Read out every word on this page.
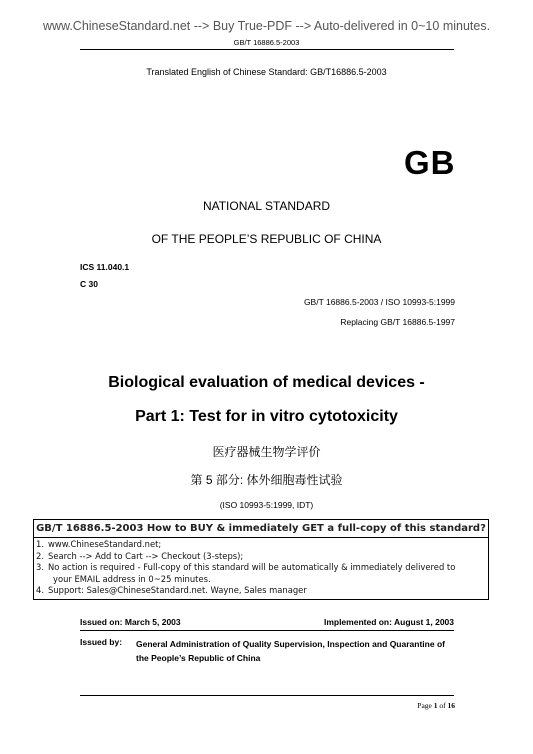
www.ChineseStandard.net --> Buy True-PDF --> Auto-delivered in 0~10 minutes.
GB/T 16886.5-2003
Translated English of Chinese Standard: GB/T16886.5-2003
GB
NATIONAL STANDARD
OF THE PEOPLE’S REPUBLIC OF CHINA
ICS 11.040.1
C 30
GB/T 16886.5-2003 / ISO 10993-5:1999
Replacing GB/T 16886.5-1997
Biological evaluation of medical devices -
Part 1: Test for in vitro cytotoxicity
医疗器械生物学评价
第 5 部分: 体外细胞毒性试验
(ISO 10993-5:1999, IDT)
GB/T 16886.5-2003 How to BUY & immediately GET a full-copy of this standard?
1. www.ChineseStandard.net;
2. Search --> Add to Cart --> Checkout (3-steps);
3. No action is required - Full-copy of this standard will be automatically & immediately delivered to
your EMAIL address in 0~25 minutes.
4. Support: Sales@ChineseStandard.net. Wayne, Sales manager
Issued on: March 5, 2003	Implemented on: August 1, 2003
Issued by: General Administration of Quality Supervision, Inspection and Quarantine of the People’s Republic of China
Page 1 of 16
